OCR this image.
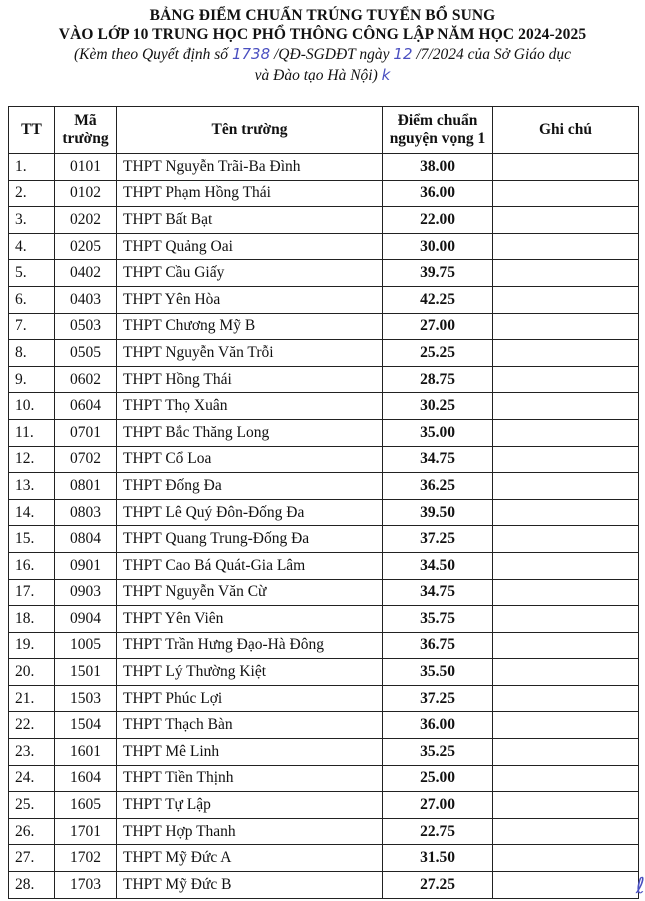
BẢNG ĐIỂM CHUẨN TRÚNG TUYỂN BỔ SUNG
VÀO LỚP 10 TRUNG HỌC PHỔ THÔNG CÔNG LẬP NĂM HỌC 2024-2025
(Kèm theo Quyết định số 1738 /QĐ-SGDĐT ngày 12 /7/2024 của Sở Giáo dục
và Đào tạo Hà Nội) k
TT	Mã trường	Tên trường	Điểm chuẩn nguyện vọng 1	Ghi chú
1.	0101	THPT Nguyễn Trãi-Ba Đình	38.00	
2.	0102	THPT Phạm Hồng Thái	36.00	
3.	0202	THPT Bất Bạt	22.00	
4.	0205	THPT Quảng Oai	30.00	
5.	0402	THPT Cầu Giấy	39.75	
6.	0403	THPT Yên Hòa	42.25	
7.	0503	THPT Chương Mỹ B	27.00	
8.	0505	THPT Nguyễn Văn Trỗi	25.25	
9.	0602	THPT Hồng Thái	28.75	
10.	0604	THPT Thọ Xuân	30.25	
11.	0701	THPT Bắc Thăng Long	35.00	
12.	0702	THPT Cổ Loa	34.75	
13.	0801	THPT Đống Đa	36.25	
14.	0803	THPT Lê Quý Đôn-Đống Đa	39.50	
15.	0804	THPT Quang Trung-Đống Đa	37.25	
16.	0901	THPT Cao Bá Quát-Gia Lâm	34.50	
17.	0903	THPT Nguyễn Văn Cừ	34.75	
18.	0904	THPT Yên Viên	35.75	
19.	1005	THPT Trần Hưng Đạo-Hà Đông	36.75	
20.	1501	THPT Lý Thường Kiệt	35.50	
21.	1503	THPT Phúc Lợi	37.25	
22.	1504	THPT Thạch Bàn	36.00	
23.	1601	THPT Mê Linh	35.25	
24.	1604	THPT Tiền Thịnh	25.00	
25.	1605	THPT Tự Lập	27.00	
26.	1701	THPT Hợp Thanh	22.75	
27.	1702	THPT Mỹ Đức A	31.50	
28.	1703	THPT Mỹ Đức B	27.25		ℓ
